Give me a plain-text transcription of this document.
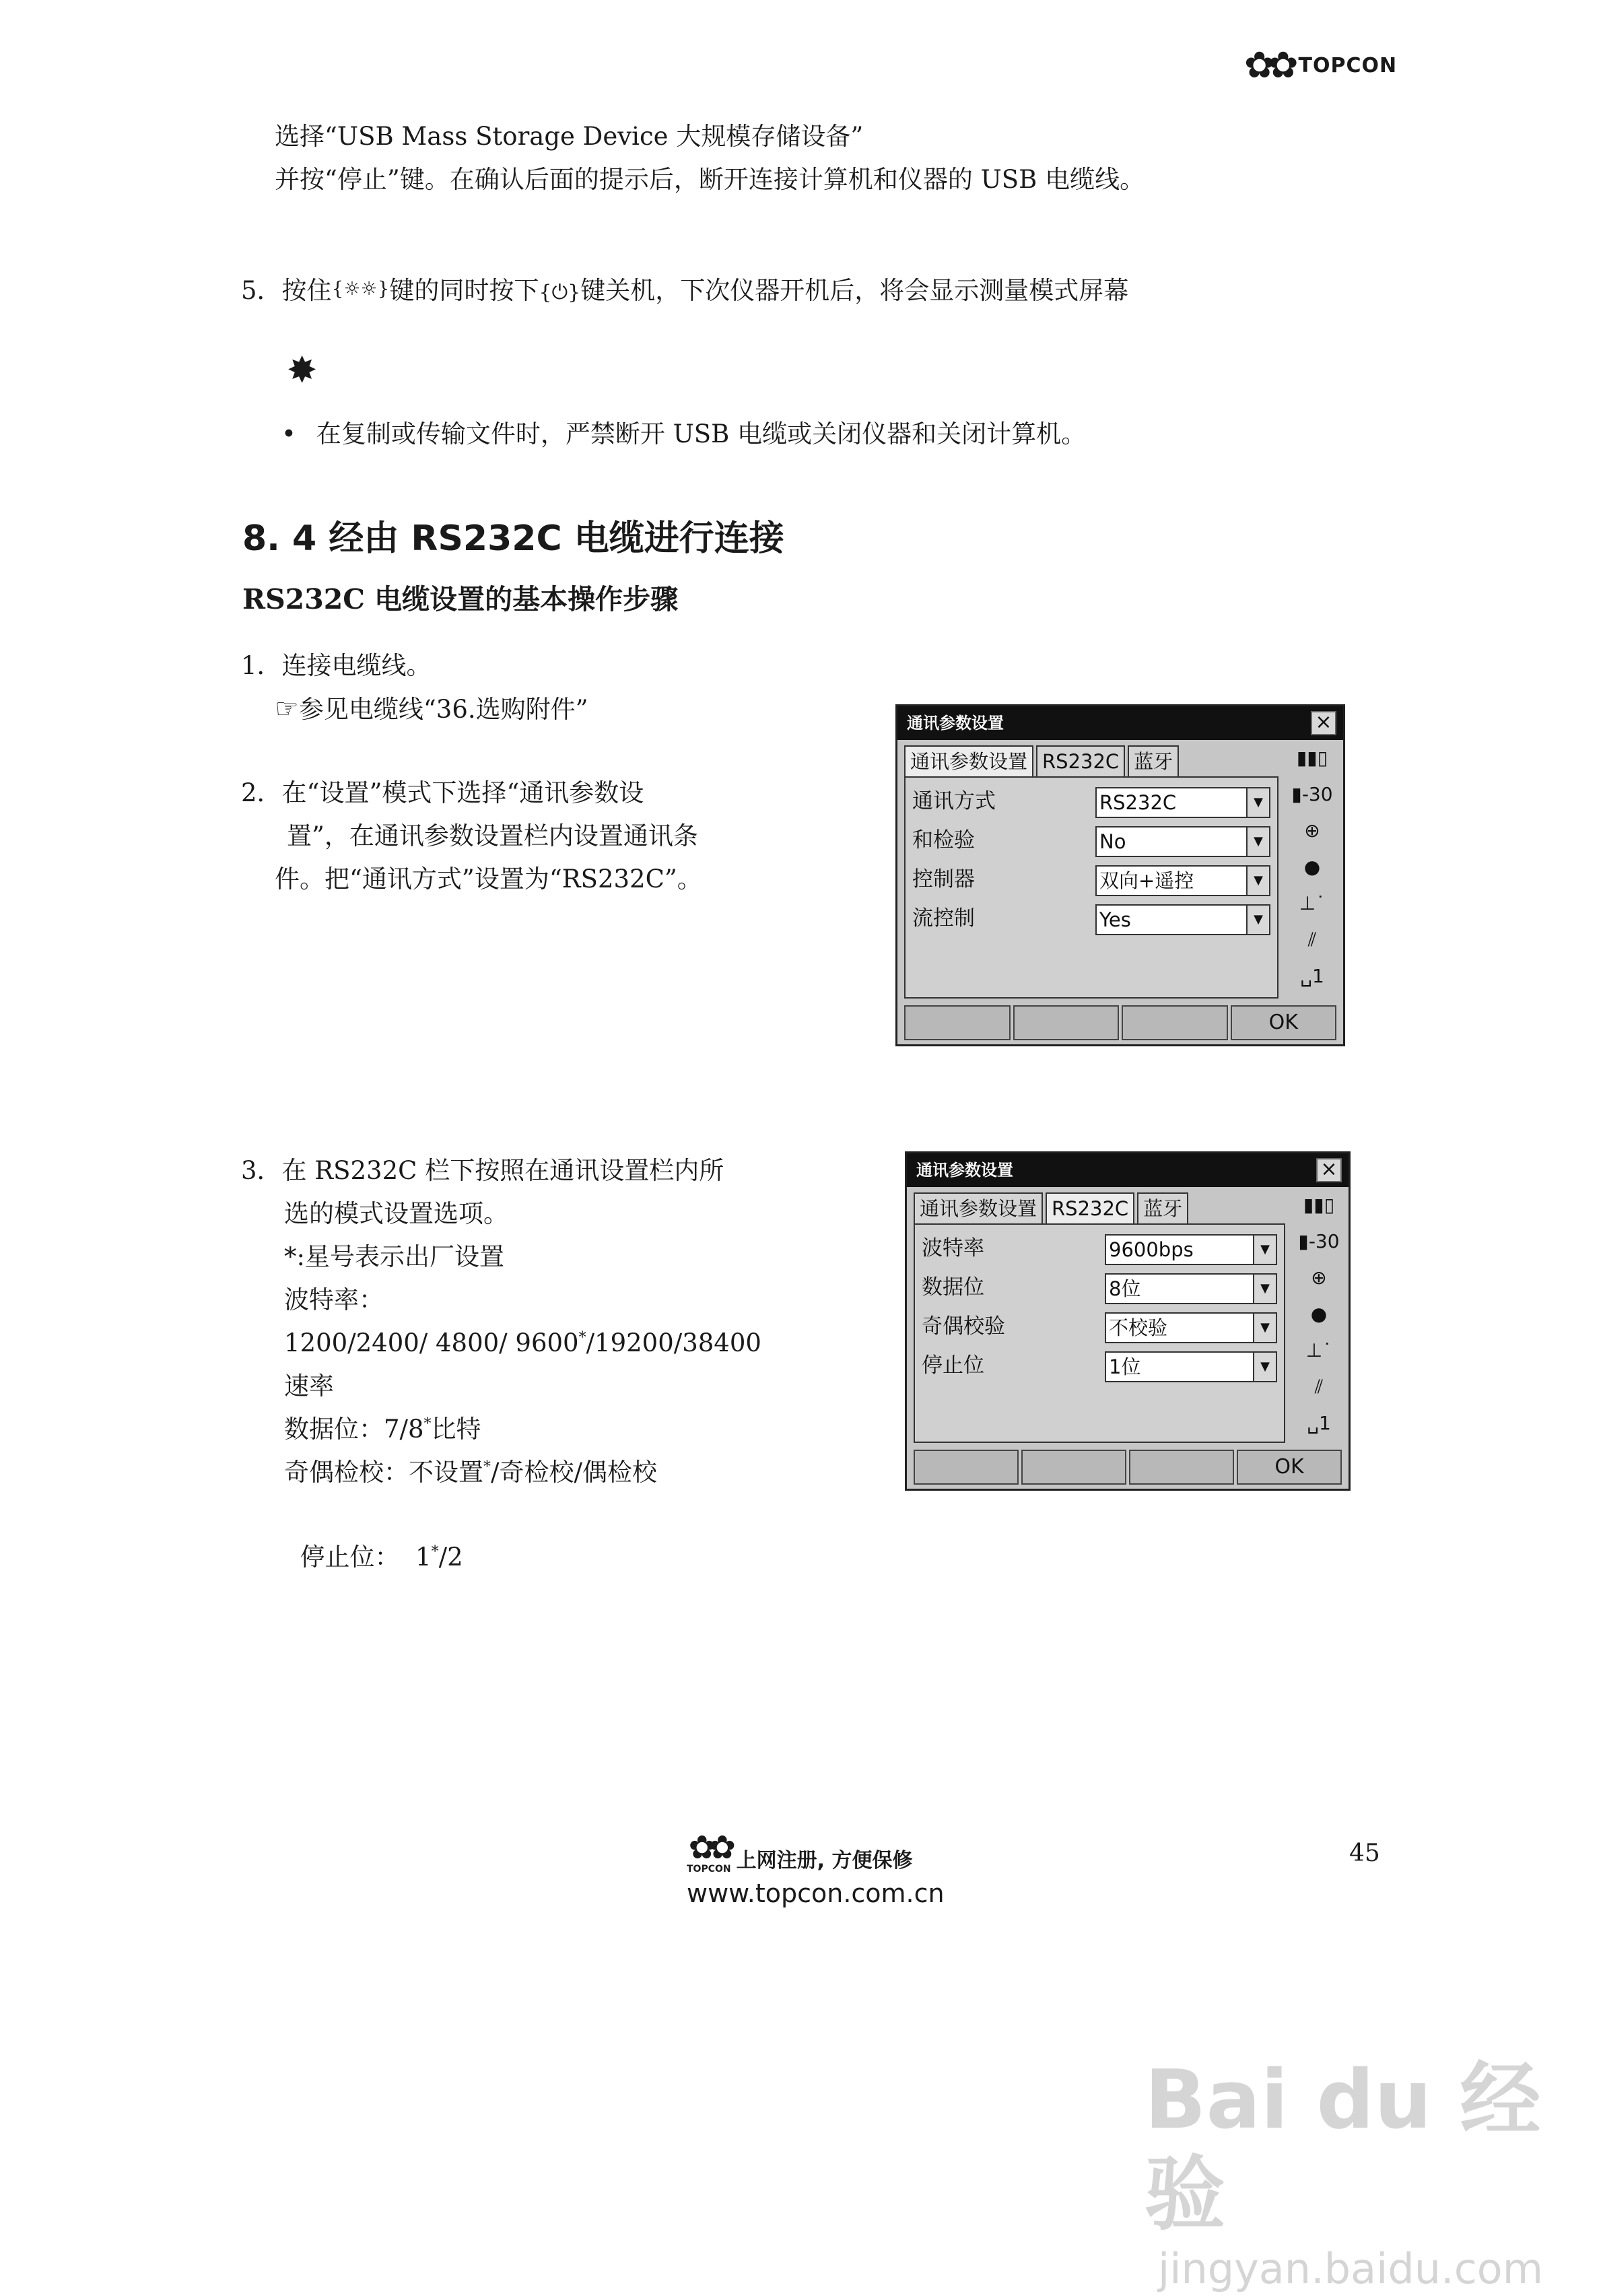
✿✿ TOPCON
选择“USB Mass Storage Device 大规模存储设备”
并按“停止”键。在确认后面的提示后，断开连接计算机和仪器的 USB 电缆线。
5．按住{☼☼}键的同时按下{⏻}键关机，下次仪器开机后，将会显示测量模式屏幕
✸
• 在复制或传输文件时，严禁断开 USB 电缆或关闭仪器和关闭计算机。
8. 4 经由 RS232C 电缆进行连接
RS232C 电缆设置的基本操作步骤
1．连接电缆线。
☞参见电缆线“36.选购附件”
2．在“设置”模式下选择“通讯参数设
置”，在通讯参数设置栏内设置通讯条
件。把“通讯方式”设置为“RS232C”。
通讯参数设置	×
通讯参数设置 RS232C 蓝牙
通讯方式	RS232C	▼
和检验	No	▼
控制器	双向+遥控	▼
流控制	Yes	▼
▮▮▯
▮-30
⊕
●
⊥˙
⫽
␣1
OK
3．在 RS232C 栏下按照在通讯设置栏内所
选的模式设置选项。
*:星号表示出厂设置
波特率：
1200/2400/ 4800/ 9600*/19200/38400
速率
数据位：7/8*比特
奇偶检校：不设置*/奇检校/偶检校

停止位：  1*/2

通讯参数设置	×
通讯参数设置 RS232C 蓝牙
波特率	9600bps	▼
数据位	8位	▼
奇偶校验	不校验	▼
停止位	1位	▼
▮▮▯
▮-30
⊕
●
⊥˙
⫽
␣1
OK
✿✿
TOPCON 上网注册, 方便保修
www.topcon.com.cn
45
Bai du 经验
jingyan.baidu.com
